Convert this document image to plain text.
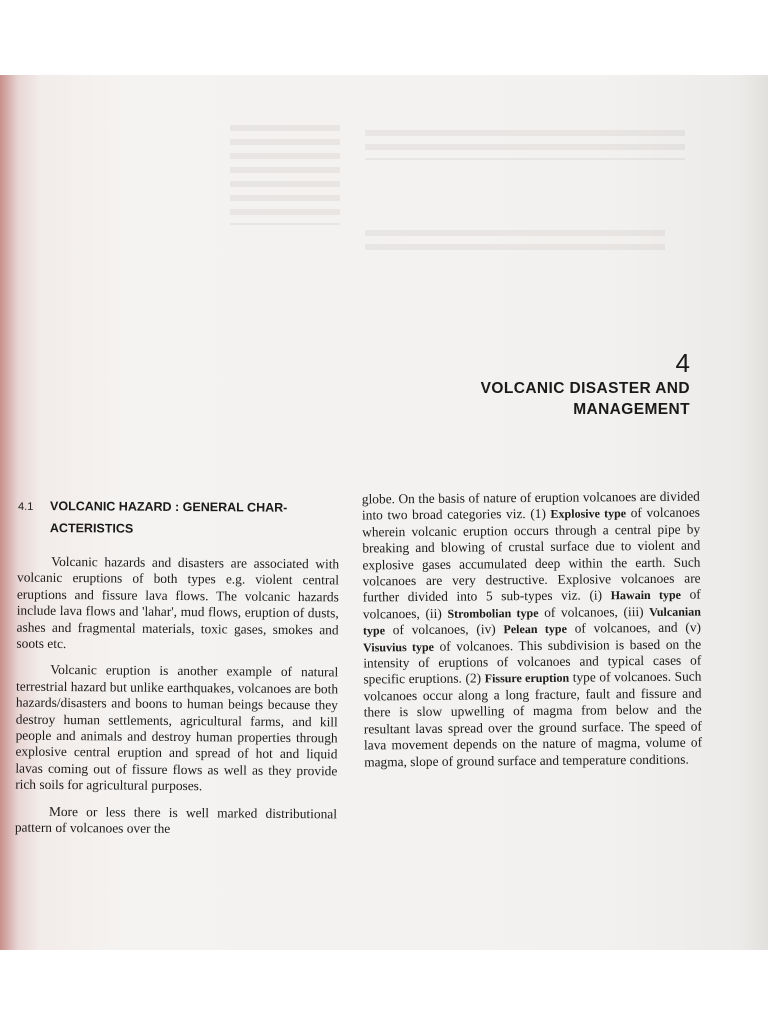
4
VOLCANIC DISASTER AND
MANAGEMENT
4.1 VOLCANIC HAZARD : GENERAL CHAR-
ACTERISTICS

Volcanic hazards and disasters are associated with volcanic eruptions of both types e.g. violent central eruptions and fissure lava flows. The volcanic hazards include lava flows and 'lahar', mud flows, eruption of dusts, ashes and fragmental materials, toxic gases, smokes and soots etc.

Volcanic eruption is another example of natural terrestrial hazard but unlike earthquakes, volcanoes are both hazards/disasters and boons to human beings because they destroy human settlements, agricultural farms, and kill people and animals and destroy human properties through explosive central eruption and spread of hot and liquid lavas coming out of fissure flows as well as they provide rich soils for agricultural purposes.

More or less there is well marked distributional pattern of volcanoes over the

globe. On the basis of nature of eruption volcanoes are divided into two broad categories viz. (1) Explosive type of volcanoes wherein volcanic eruption occurs through a central pipe by breaking and blowing of crustal surface due to violent and explosive gases accumulated deep within the earth. Such volcanoes are very destructive. Explosive volcanoes are further divided into 5 sub-types viz. (i) Hawain type of volcanoes, (ii) Strombolian type of volcanoes, (iii) Vulcanian type of volcanoes, (iv) Pelean type of volcanoes, and (v) Visuvius type of volcanoes. This subdivision is based on the intensity of eruptions of volcanoes and typical cases of specific eruptions. (2) Fissure eruption type of volcanoes. Such volcanoes occur along a long fracture, fault and fissure and there is slow upwelling of magma from below and the resultant lavas spread over the ground surface. The speed of lava movement depends on the nature of magma, volume of magma, slope of ground surface and temperature conditions.
